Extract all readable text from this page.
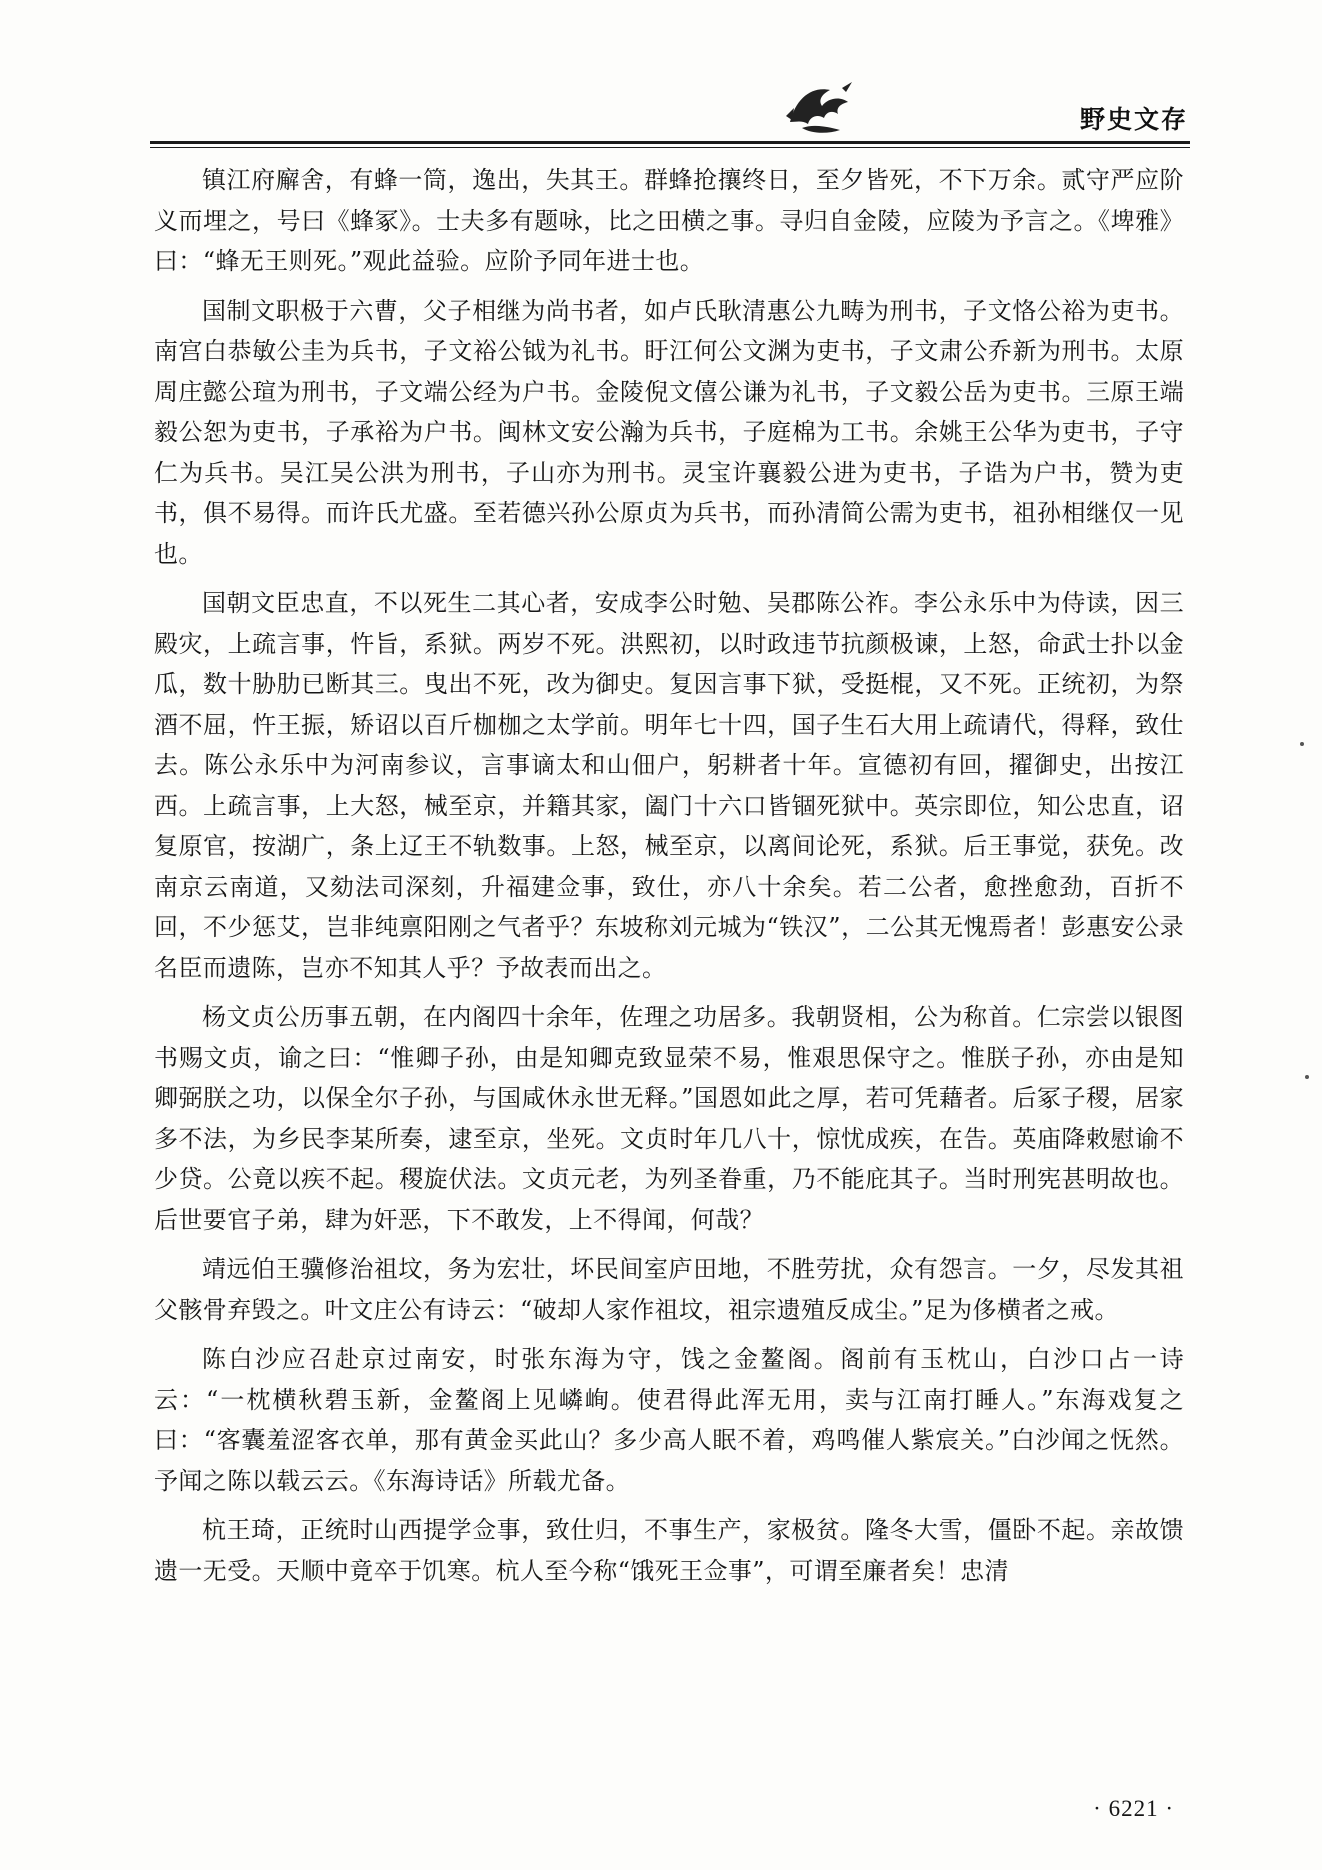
野史文存

镇江府廨舍，有蜂一筒，逸出，失其王。群蜂抢攘终日，至夕皆死，不下万余。贰守严应阶义而埋之，号曰《蜂冢》。士夫多有题咏，比之田横之事。寻归自金陵，应陵为予言之。《埤雅》曰：“蜂无王则死。”观此益验。应阶予同年进士也。

国制文职极于六曹，父子相继为尚书者，如卢氏耿清惠公九畴为刑书，子文恪公裕为吏书。南宫白恭敏公圭为兵书，子文裕公钺为礼书。盱江何公文渊为吏书，子文肃公乔新为刑书。太原周庄懿公瑄为刑书，子文端公经为户书。金陵倪文僖公谦为礼书，子文毅公岳为吏书。三原王端毅公恕为吏书，子承裕为户书。闽林文安公瀚为兵书，子庭棉为工书。余姚王公华为吏书，子守仁为兵书。吴江吴公洪为刑书，子山亦为刑书。灵宝许襄毅公进为吏书，子诰为户书，赞为吏书，俱不易得。而许氏尤盛。至若德兴孙公原贞为兵书，而孙清简公需为吏书，祖孙相继仅一见也。

国朝文臣忠直，不以死生二其心者，安成李公时勉、吴郡陈公祚。李公永乐中为侍读，因三殿灾，上疏言事，忤旨，系狱。两岁不死。洪熙初，以时政违节抗颜极谏，上怒，命武士扑以金瓜，数十胁肋已断其三。曳出不死，改为御史。复因言事下狱，受挺棍，又不死。正统初，为祭酒不屈，忤王振，矫诏以百斤枷枷之太学前。明年七十四，国子生石大用上疏请代，得释，致仕去。陈公永乐中为河南参议，言事谪太和山佃户，躬耕者十年。宣德初有回，擢御史，出按江西。上疏言事，上大怒，械至京，并籍其家，阖门十六口皆锢死狱中。英宗即位，知公忠直，诏复原官，按湖广，条上辽王不轨数事。上怒，械至京，以离间论死，系狱。后王事觉，获免。改南京云南道，又劾法司深刻，升福建佥事，致仕，亦八十余矣。若二公者，愈挫愈劲，百折不回，不少惩艾，岂非纯禀阳刚之气者乎？东坡称刘元城为“铁汉”，二公其无愧焉者！彭惠安公录名臣而遗陈，岂亦不知其人乎？予故表而出之。

杨文贞公历事五朝，在内阁四十余年，佐理之功居多。我朝贤相，公为称首。仁宗尝以银图书赐文贞，谕之曰：“惟卿子孙，由是知卿克致显荣不易，惟艰思保守之。惟朕子孙，亦由是知卿弼朕之功，以保全尔子孙，与国咸休永世无释。”国恩如此之厚，若可凭藉者。后冢子稷，居家多不法，为乡民李某所奏，逮至京，坐死。文贞时年几八十，惊忧成疾，在告。英庙降敕慰谕不少贷。公竟以疾不起。稷旋伏法。文贞元老，为列圣眷重，乃不能庇其子。当时刑宪甚明故也。后世要官子弟，肆为奸恶，下不敢发，上不得闻，何哉？

靖远伯王骥修治祖坟，务为宏壮，坏民间室庐田地，不胜劳扰，众有怨言。一夕，尽发其祖父骸骨弃毁之。叶文庄公有诗云：“破却人家作祖坟，祖宗遗殖反成尘。”足为侈横者之戒。

陈白沙应召赴京过南安，时张东海为守，饯之金鳌阁。阁前有玉枕山，白沙口占一诗云：“一枕横秋碧玉新，金鳌阁上见嶙峋。使君得此浑无用，卖与江南打睡人。”东海戏复之曰：“客囊羞涩客衣单，那有黄金买此山？多少高人眠不着，鸡鸣催人紫宸关。”白沙闻之怃然。予闻之陈以载云云。《东海诗话》所载尤备。

杭王琦，正统时山西提学佥事，致仕归，不事生产，家极贫。隆冬大雪，僵卧不起。亲故馈遗一无受。天顺中竟卒于饥寒。杭人至今称“饿死王佥事”，可谓至廉者矣！忠清

· 6221 ·
